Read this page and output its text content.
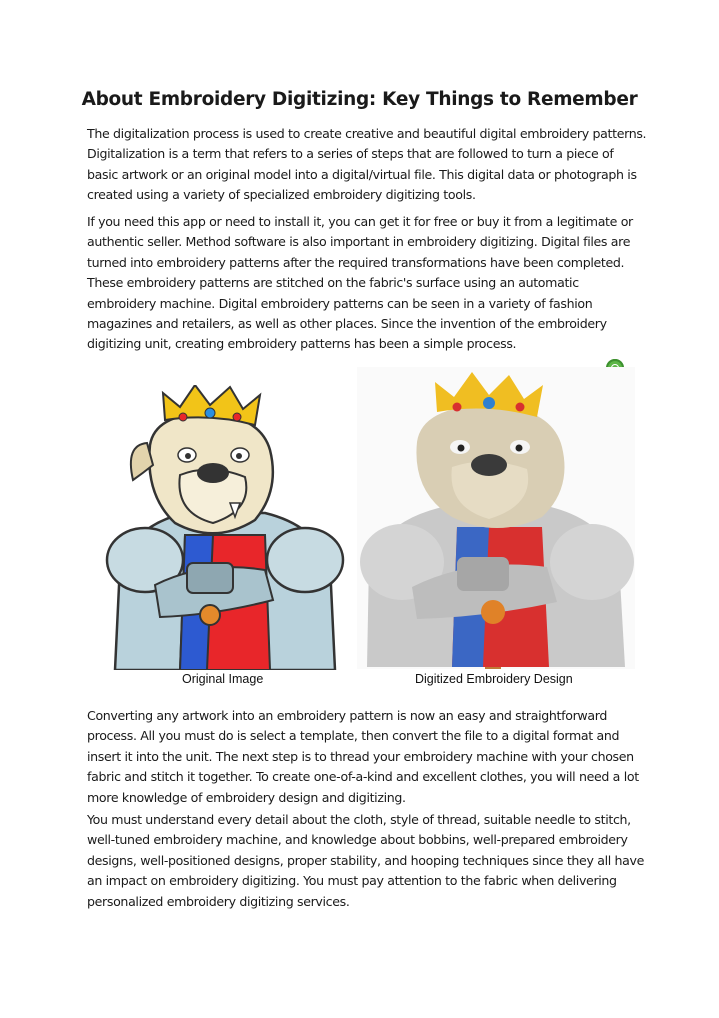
About Embroidery Digitizing: Key Things to Remember

The digitalization process is used to create creative and beautiful digital embroidery patterns. Digitalization is a term that refers to a series of steps that are followed to turn a piece of basic artwork or an original model into a digital/virtual file. This digital data or photograph is created using a variety of specialized embroidery digitizing tools.

If you need this app or need to install it, you can get it for free or buy it from a legitimate or authentic seller. Method software is also important in embroidery digitizing. Digital files are turned into embroidery patterns after the required transformations have been completed. These embroidery patterns are stitched on the fabric's surface using an automatic embroidery machine. Digital embroidery patterns can be seen in a variety of fashion magazines and retailers, as well as other places. Since the invention of the embroidery digitizing unit, creating embroidery patterns has been a simple process.

Original Image	Digitized Embroidery Design

Converting any artwork into an embroidery pattern is now an easy and straightforward process. All you must do is select a template, then convert the file to a digital format and insert it into the unit. The next step is to thread your embroidery machine with your chosen fabric and stitch it together. To create one-of-a-kind and excellent clothes, you will need a lot more knowledge of embroidery design and digitizing.

You must understand every detail about the cloth, style of thread, suitable needle to stitch, well-tuned embroidery machine, and knowledge about bobbins, well-prepared embroidery designs, well-positioned designs, proper stability, and hooping techniques since they all have an impact on embroidery digitizing. You must pay attention to the fabric when delivering personalized embroidery digitizing services.
